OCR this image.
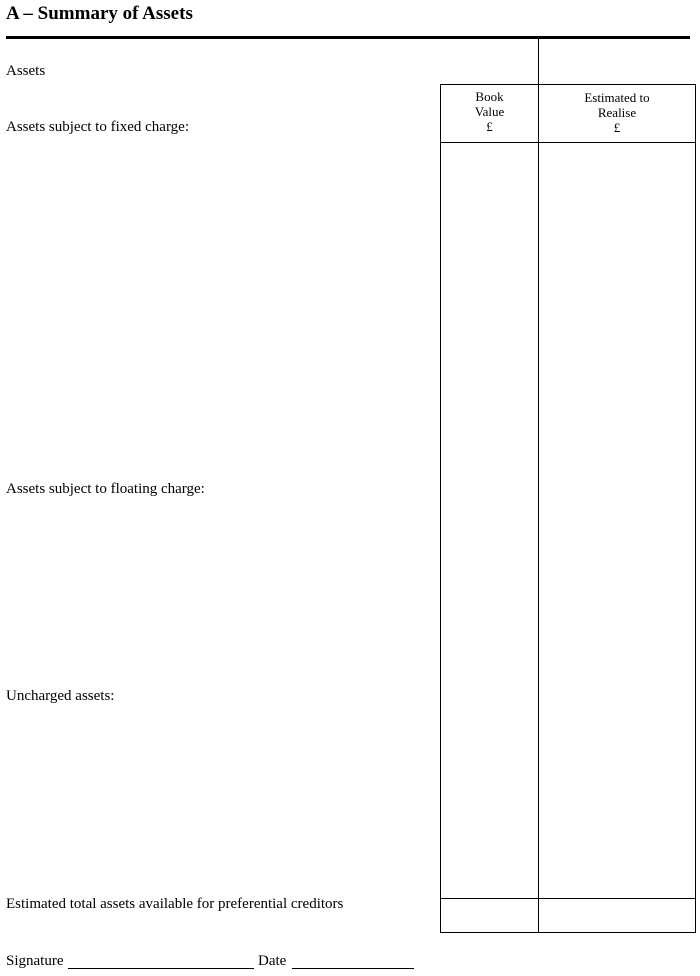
A – Summary of Assets
Assets
Assets subject to fixed charge:
Assets subject to floating charge:
Uncharged assets:
Estimated total assets available for preferential creditors
Book
Value
£
Estimated to
Realise
£
Signature	Date
